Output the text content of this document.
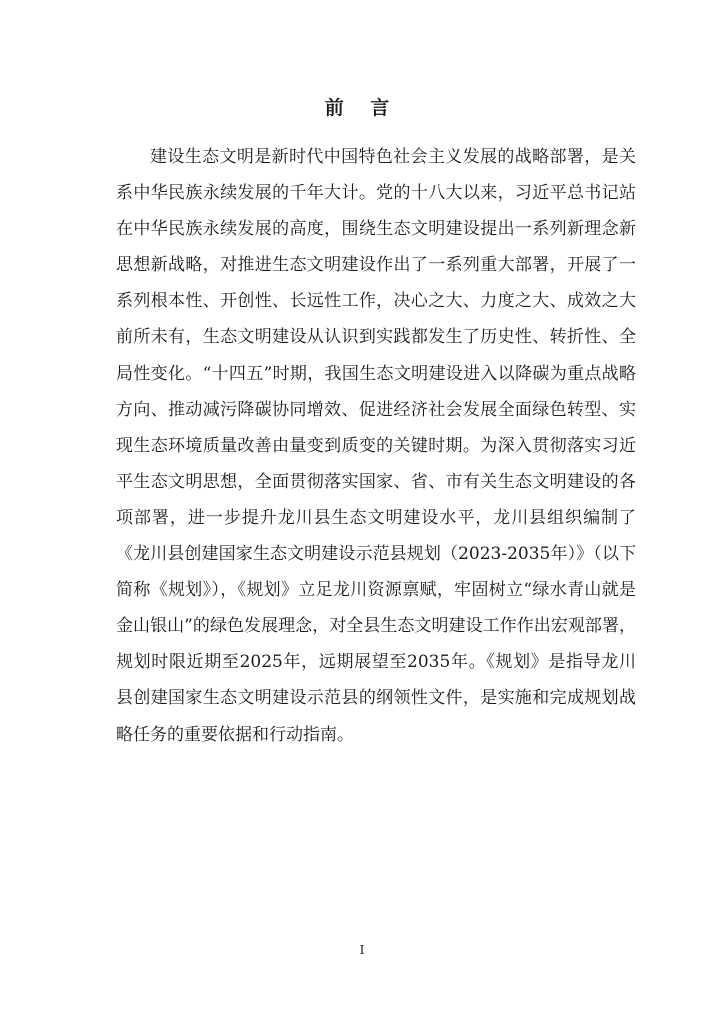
前 言

建设生态文明是新时代中国特色社会主义发展的战略部署，是关系中华民族永续发展的千年大计。党的十八大以来，习近平总书记站在中华民族永续发展的高度，围绕生态文明建设提出一系列新理念新思想新战略，对推进生态文明建设作出了一系列重大部署，开展了一系列根本性、开创性、长远性工作，决心之大、力度之大、成效之大前所未有，生态文明建设从认识到实践都发生了历史性、转折性、全局性变化。“十四五”时期，我国生态文明建设进入以降碳为重点战略方向、推动减污降碳协同增效、促进经济社会发展全面绿色转型、实现生态环境质量改善由量变到质变的关键时期。为深入贯彻落实习近平生态文明思想，全面贯彻落实国家、省、市有关生态文明建设的各项部署，进一步提升龙川县生态文明建设水平，龙川县组织编制了《龙川县创建国家生态文明建设示范县规划（2023-2035年）》（以下简称《规划》），《规划》立足龙川资源禀赋，牢固树立“绿水青山就是金山银山”的绿色发展理念，对全县生态文明建设工作作出宏观部署，规划时限近期至2025年，远期展望至2035年。《规划》是指导龙川县创建国家生态文明建设示范县的纲领性文件，是实施和完成规划战略任务的重要依据和行动指南。

I
